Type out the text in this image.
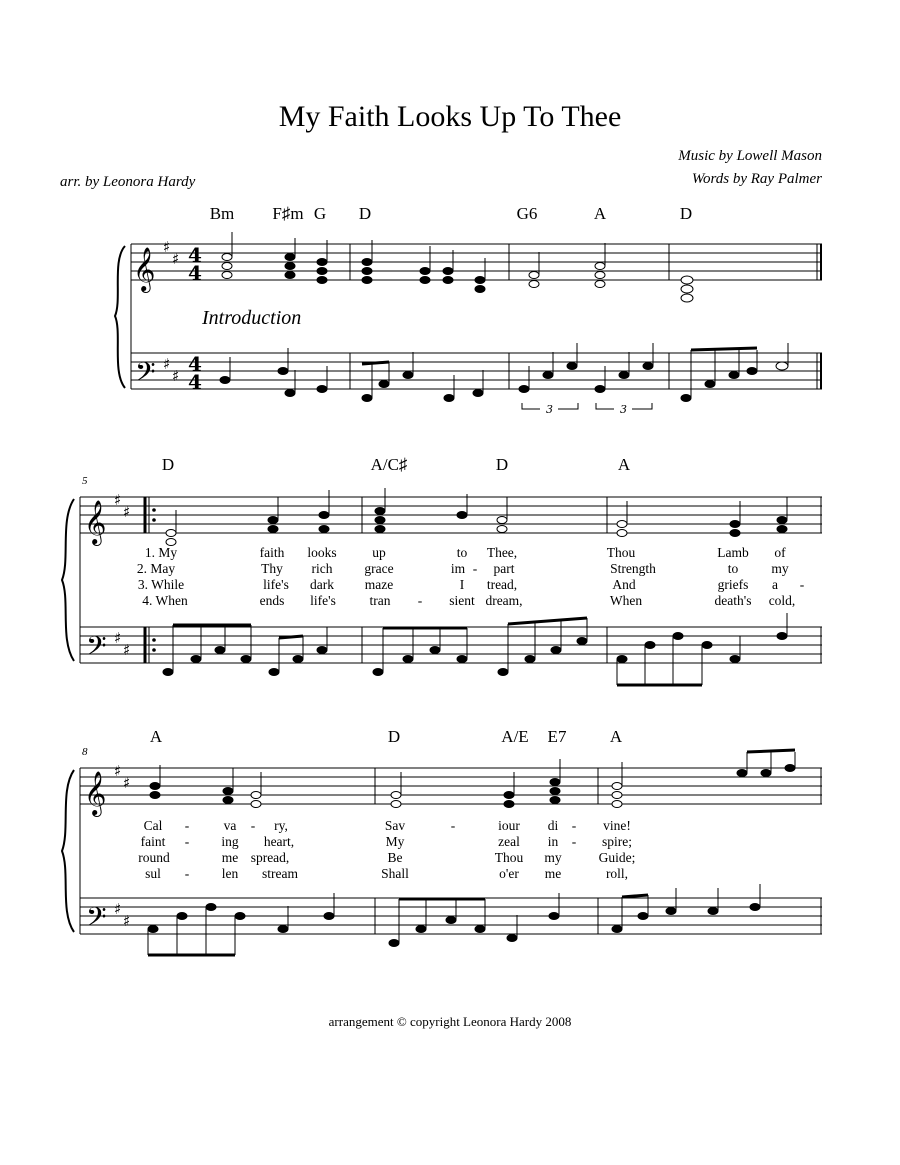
My Faith Looks Up To Thee
Music by Lowell Mason
Words by Ray Palmer
arr. by Leonora Hardy
Bm F♯m G D	G6	A	D
Introduction
D	A/C♯	D	A
5
A	D	A/E E7	A
8
1. My	faith looks	up	to Thee,	Thou	Lamb of
2. May	Thy rich grace	im - part	Strength	to my
3. While	life's dark maze	I tread,	And	griefs a -
4. When	ends life's tran - sient dream,	When	death's cold,
Cal -	va - ry,	Sav	-	iour di - vine!
faint - ing heart,	My	zeal in - spire;
round	me spread,	Be	Thou my	Guide;
sul - len stream	Shall	o'er me	roll,
𝄞
𝄢
𝄞
𝄢
𝄞
𝄢
♯
♯
♯
♯
♯
♯
♯
♯
♯
♯
♯
♯
4
4
4
4
3	3
arrangement © copyright Leonora Hardy 2008
